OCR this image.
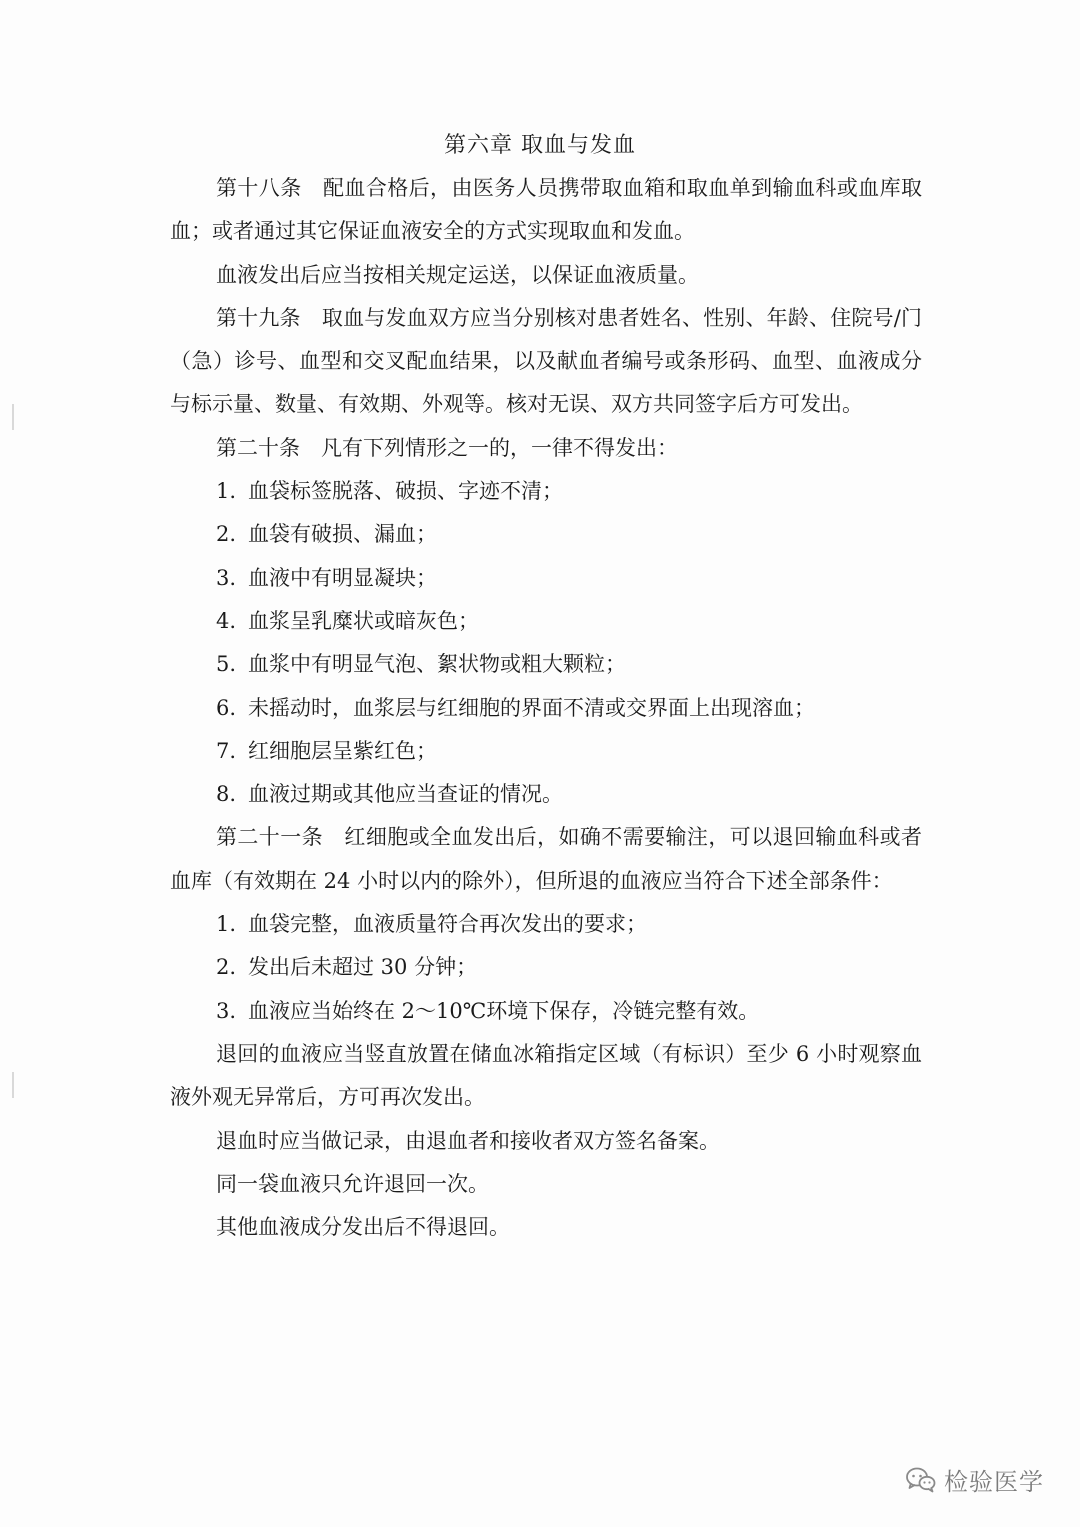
第六章 取血与发血

第十八条　配血合格后，由医务人员携带取血箱和取血单到输血科或血库取血；或者通过其它保证血液安全的方式实现取血和发血。

血液发出后应当按相关规定运送，以保证血液质量。

第十九条　取血与发血双方应当分别核对患者姓名、性别、年龄、住院号/门（急）诊号、血型和交叉配血结果，以及献血者编号或条形码、血型、血液成分与标示量、数量、有效期、外观等。核对无误、双方共同签字后方可发出。

第二十条　凡有下列情形之一的，一律不得发出：

1. 血袋标签脱落、破损、字迹不清；

2. 血袋有破损、漏血；

3. 血液中有明显凝块；

4. 血浆呈乳糜状或暗灰色；

5. 血浆中有明显气泡、絮状物或粗大颗粒；

6. 未摇动时，血浆层与红细胞的界面不清或交界面上出现溶血；

7. 红细胞层呈紫红色；

8. 血液过期或其他应当查证的情况。

第二十一条　红细胞或全血发出后，如确不需要输注，可以退回输血科或者血库（有效期在 24 小时以内的除外），但所退的血液应当符合下述全部条件：

1. 血袋完整，血液质量符合再次发出的要求；

2. 发出后未超过 30 分钟；

3. 血液应当始终在 2～10℃环境下保存，冷链完整有效。

退回的血液应当竖直放置在储血冰箱指定区域（有标识）至少 6 小时观察血液外观无异常后，方可再次发出。

退血时应当做记录，由退血者和接收者双方签名备案。

同一袋血液只允许退回一次。

其他血液成分发出后不得退回。

检验医学
